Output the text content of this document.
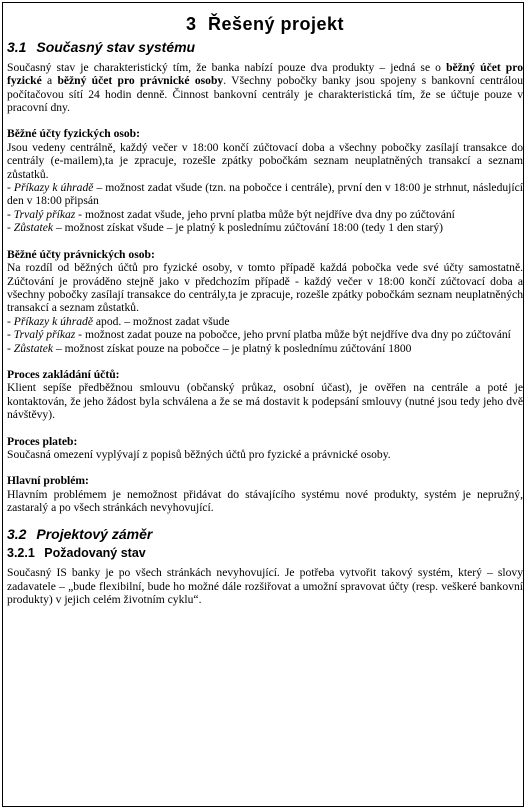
3 Řešený projekt
3.1 Současný stav systému

Současný stav je charakteristický tím, že banka nabízí pouze dva produkty – jedná se o běžný účet pro fyzické a běžný účet pro právnické osoby. Všechny pobočky banky jsou spojeny s bankovní centrálou počítačovou sítí 24 hodin denně. Činnost bankovní centrály je charakteristická tím, že se účtuje pouze v pracovní dny.

Běžné účty fyzických osob:

Jsou vedeny centrálně, každý večer v 18:00 končí zúčtovací doba a všechny pobočky zasílají transakce do centrály (e-mailem),ta je zpracuje, rozešle zpátky pobočkám seznam neuplatněných transakcí a seznam zůstatků.

- Příkazy k úhradě – možnost zadat všude (tzn. na pobočce i centrále), první den v 18:00 je strhnut, následující den v 18:00 připsán

- Trvalý příkaz - možnost zadat všude, jeho první platba může být nejdříve dva dny po zúčtování

- Zůstatek – možnost získat všude – je platný k poslednímu zúčtování 18:00 (tedy 1 den starý)

Běžné účty právnických osob:

Na rozdíl od běžných účtů pro fyzické osoby, v tomto případě každá pobočka vede své účty samostatně. Zúčtování je prováděno stejně jako v předchozím případě - každý večer v 18:00 končí zúčtovací doba a všechny pobočky zasílají transakce do centrály,ta je zpracuje, rozešle zpátky pobočkám seznam neuplatněných transakcí a seznam zůstatků.

- Příkazy k úhradě apod. – možnost zadat všude

- Trvalý příkaz - možnost zadat pouze na pobočce, jeho první platba může být nejdříve dva dny po zúčtování

- Zůstatek – možnost získat pouze na pobočce – je platný k poslednímu zúčtování 1800

Proces zakládání účtů:

Klient sepíše předběžnou smlouvu (občanský průkaz, osobní účast), je ověřen na centrále a poté je kontaktován, že jeho žádost byla schválena a že se má dostavit k podepsání smlouvy (nutné jsou tedy jeho dvě návštěvy).

Proces plateb:

Současná omezení vyplývají z popisů běžných účtů pro fyzické a právnické osoby.

Hlavní problém:

Hlavním problémem je nemožnost přidávat do stávajícího systému nové produkty, systém je nepružný, zastaralý a po všech stránkách nevyhovující.

3.2 Projektový záměr
3.2.1 Požadovaný stav

Současný IS banky je po všech stránkách nevyhovující. Je potřeba vytvořit takový systém, který – slovy zadavatele – „bude flexibilní, bude ho možné dále rozšiřovat a umožní spravovat účty (resp. veškeré bankovní produkty) v jejich celém životním cyklu“.
